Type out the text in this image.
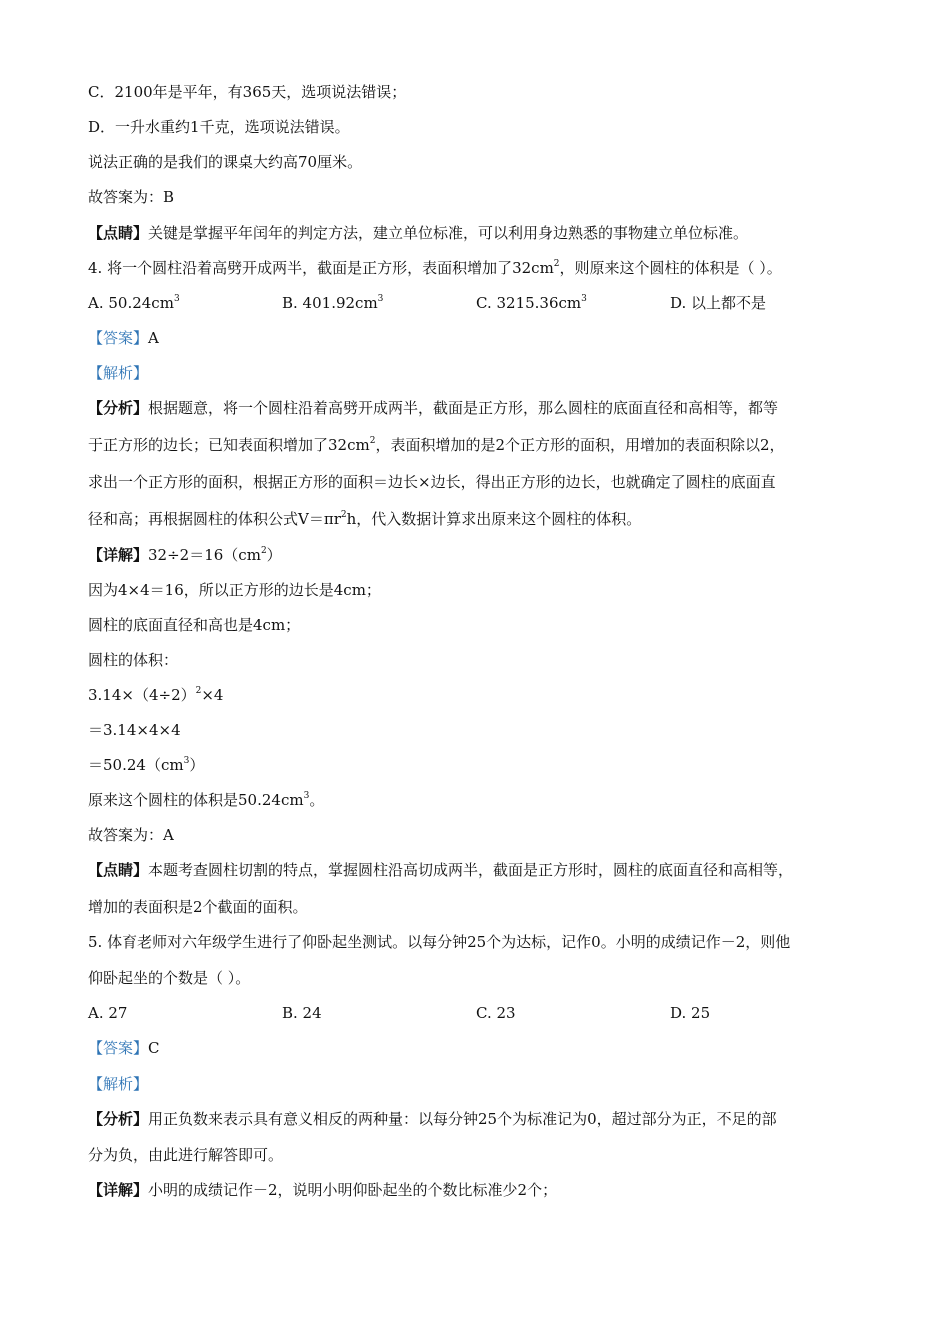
C．2100年是平年，有365天，选项说法错误；
D．一升水重约1千克，选项说法错误。
说法正确的是我们的课桌大约高70厘米。
故答案为：B
【点睛】关键是掌握平年闰年的判定方法，建立单位标准，可以利用身边熟悉的事物建立单位标准。
4. 将一个圆柱沿着高劈开成两半，截面是正方形，表面积增加了$32cm^2$，则原来这个圆柱的体积是（ ）。
A. $50.24cm^3$	B. $401.92cm^3$	C. $3215.36cm^3$	D. 以上都不是
【答案】A
【解析】
【分析】根据题意，将一个圆柱沿着高劈开成两半，截面是正方形，那么圆柱的底面直径和高相等，都等
于正方形的边长；已知表面积增加了$32cm^2$，表面积增加的是2个正方形的面积，用增加的表面积除以2，
求出一个正方形的面积，根据正方形的面积＝边长×边长，得出正方形的边长，也就确定了圆柱的底面直
径和高；再根据圆柱的体积公式$V=\pi r^2h$，代入数据计算求出原来这个圆柱的体积。
【详解】$32\div 2=16(cm^2)$
因为4×4＝16，所以正方形的边长是4cm；
圆柱的底面直径和高也是4cm；
圆柱的体积：
$3.14\times(4\div 2)^2\times 4$
＝3.14×4×4
$=50.24(cm^3)$
原来这个圆柱的体积是$50.24cm^3$。
故答案为：A
【点睛】本题考查圆柱切割的特点，掌握圆柱沿高切成两半，截面是正方形时，圆柱的底面直径和高相等，
增加的表面积是2个截面的面积。
5. 体育老师对六年级学生进行了仰卧起坐测试。以每分钟25个为达标，记作0。小明的成绩记作－2，则他
仰卧起坐的个数是（ ）。
A. 27	B. 24	C. 23	D. 25
【答案】C
【解析】
【分析】用正负数来表示具有意义相反的两种量：以每分钟25个为标准记为0，超过部分为正，不足的部
分为负，由此进行解答即可。
【详解】小明的成绩记作－2，说明小明仰卧起坐的个数比标准少2个；
